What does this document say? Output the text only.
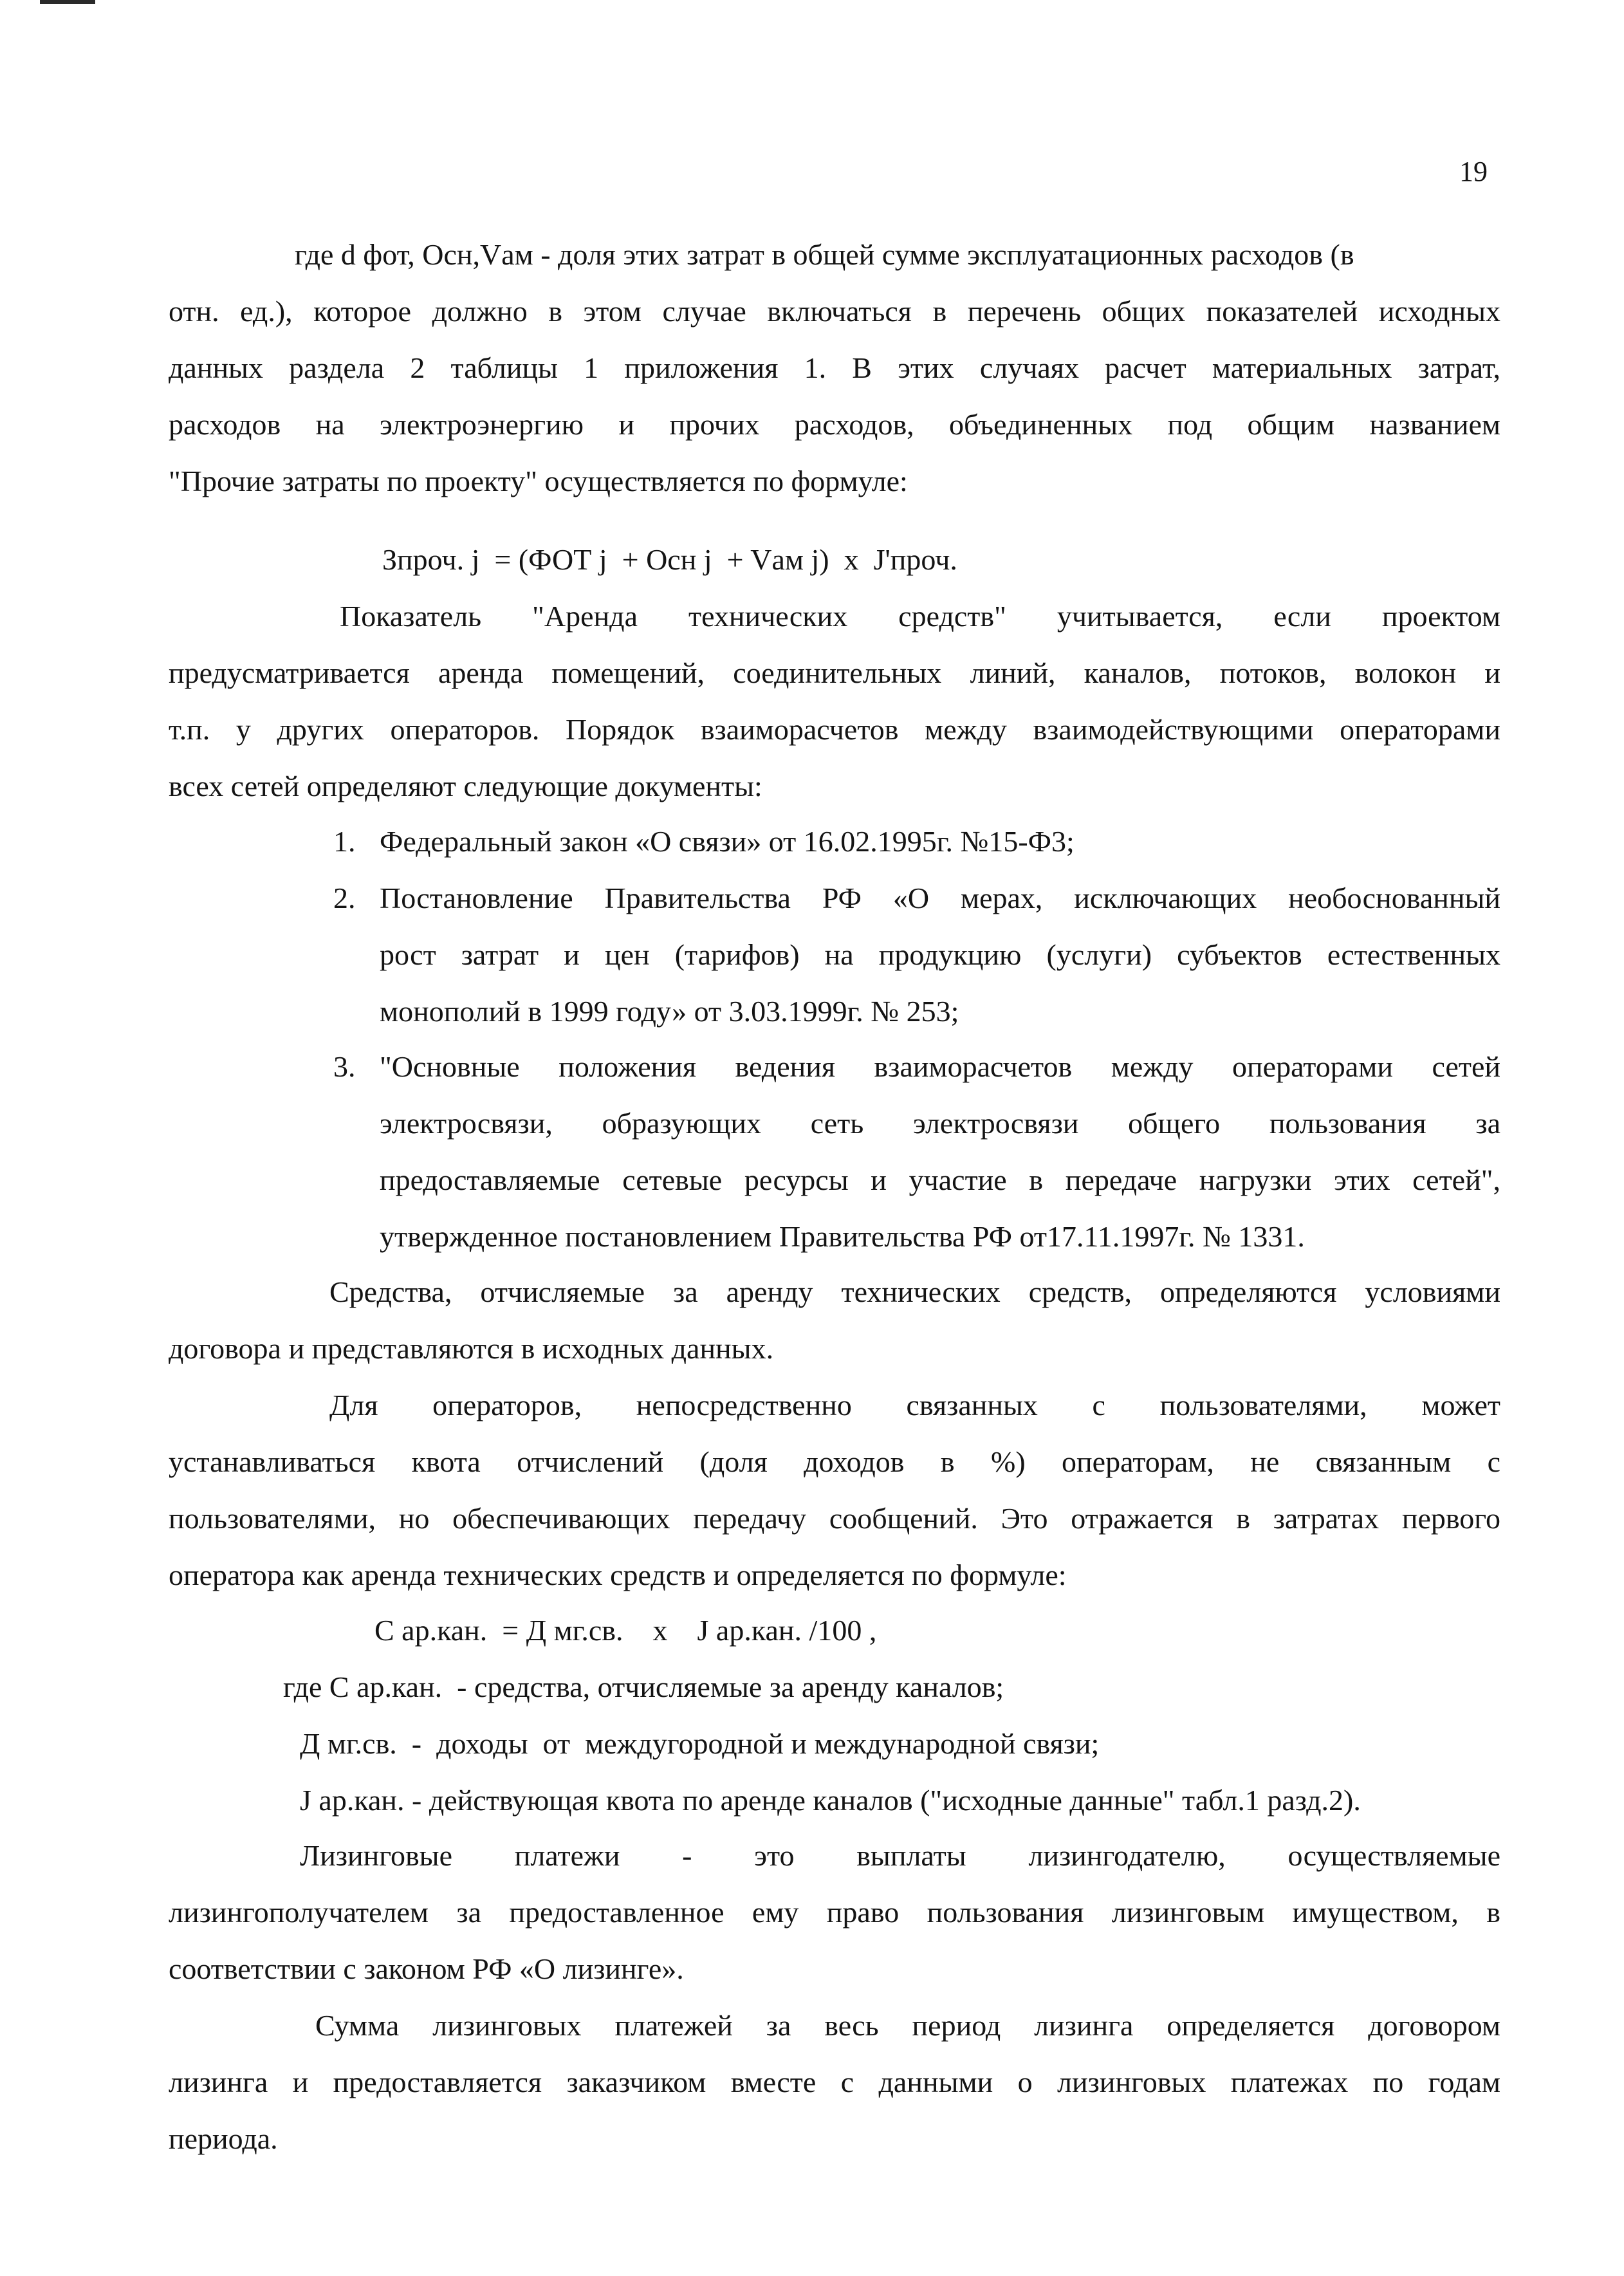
19
где d фот, Осн,Vам - доля этих затрат в общей сумме эксплуатационных расходов (в
отн. ед.), которое должно в этом случае включаться в перечень общих показателей исходных
данных раздела 2 таблицы 1 приложения 1. В этих случаях расчет материальных затрат,
расходов на электроэнергию и прочих расходов, объединенных под общим названием
"Прочие затраты по проекту" осуществляется по формуле:
Зпроч. j  = (ФОТ j  + Осн j  + Vам j)  х  J'проч.
Показатель "Аренда технических средств" учитывается, если проектом
предусматривается аренда помещений, соединительных линий, каналов, потоков, волокон и
т.п. у других операторов. Порядок взаиморасчетов между взаимодействующими операторами
всех сетей определяют следующие документы:
1. Федеральный закон «О связи» от 16.02.1995г. №15-Ф3;
2. Постановление Правительства РФ «О мерах, исключающих необоснованный
рост затрат и цен (тарифов) на продукцию (услуги) субъектов естественных
монополий в 1999 году» от 3.03.1999г. № 253;
3. "Основные положения ведения взаиморасчетов между операторами сетей
электросвязи, образующих сеть электросвязи общего пользования за
предоставляемые сетевые ресурсы и участие в передаче нагрузки этих сетей",
утвержденное постановлением Правительства РФ от17.11.1997г. № 1331.
Средства, отчисляемые за аренду технических средств, определяются условиями
договора и представляются в исходных данных.
Для операторов, непосредственно связанных с пользователями, может
устанавливаться квота отчислений (доля доходов в %) операторам, не связанным с
пользователями, но обеспечивающих передачу сообщений. Это отражается в затратах первого
оператора как аренда технических средств и определяется по формуле:
С ар.кан.  = Д мг.св.    х    J ар.кан. /100 ,
где С ар.кан.  - средства, отчисляемые за аренду каналов;
Д мг.св.  -  доходы  от  междугородной и международной связи;
J ар.кан. - действующая квота по аренде каналов ("исходные данные" табл.1 разд.2).
Лизинговые платежи - это выплаты лизингодателю, осуществляемые
лизингополучателем за предоставленное ему право пользования лизинговым имуществом, в
соответствии с законом РФ «О лизинге».
Сумма лизинговых платежей за весь период лизинга определяется договором
лизинга и предоставляется заказчиком вместе с данными о лизинговых платежах по годам
периода.
